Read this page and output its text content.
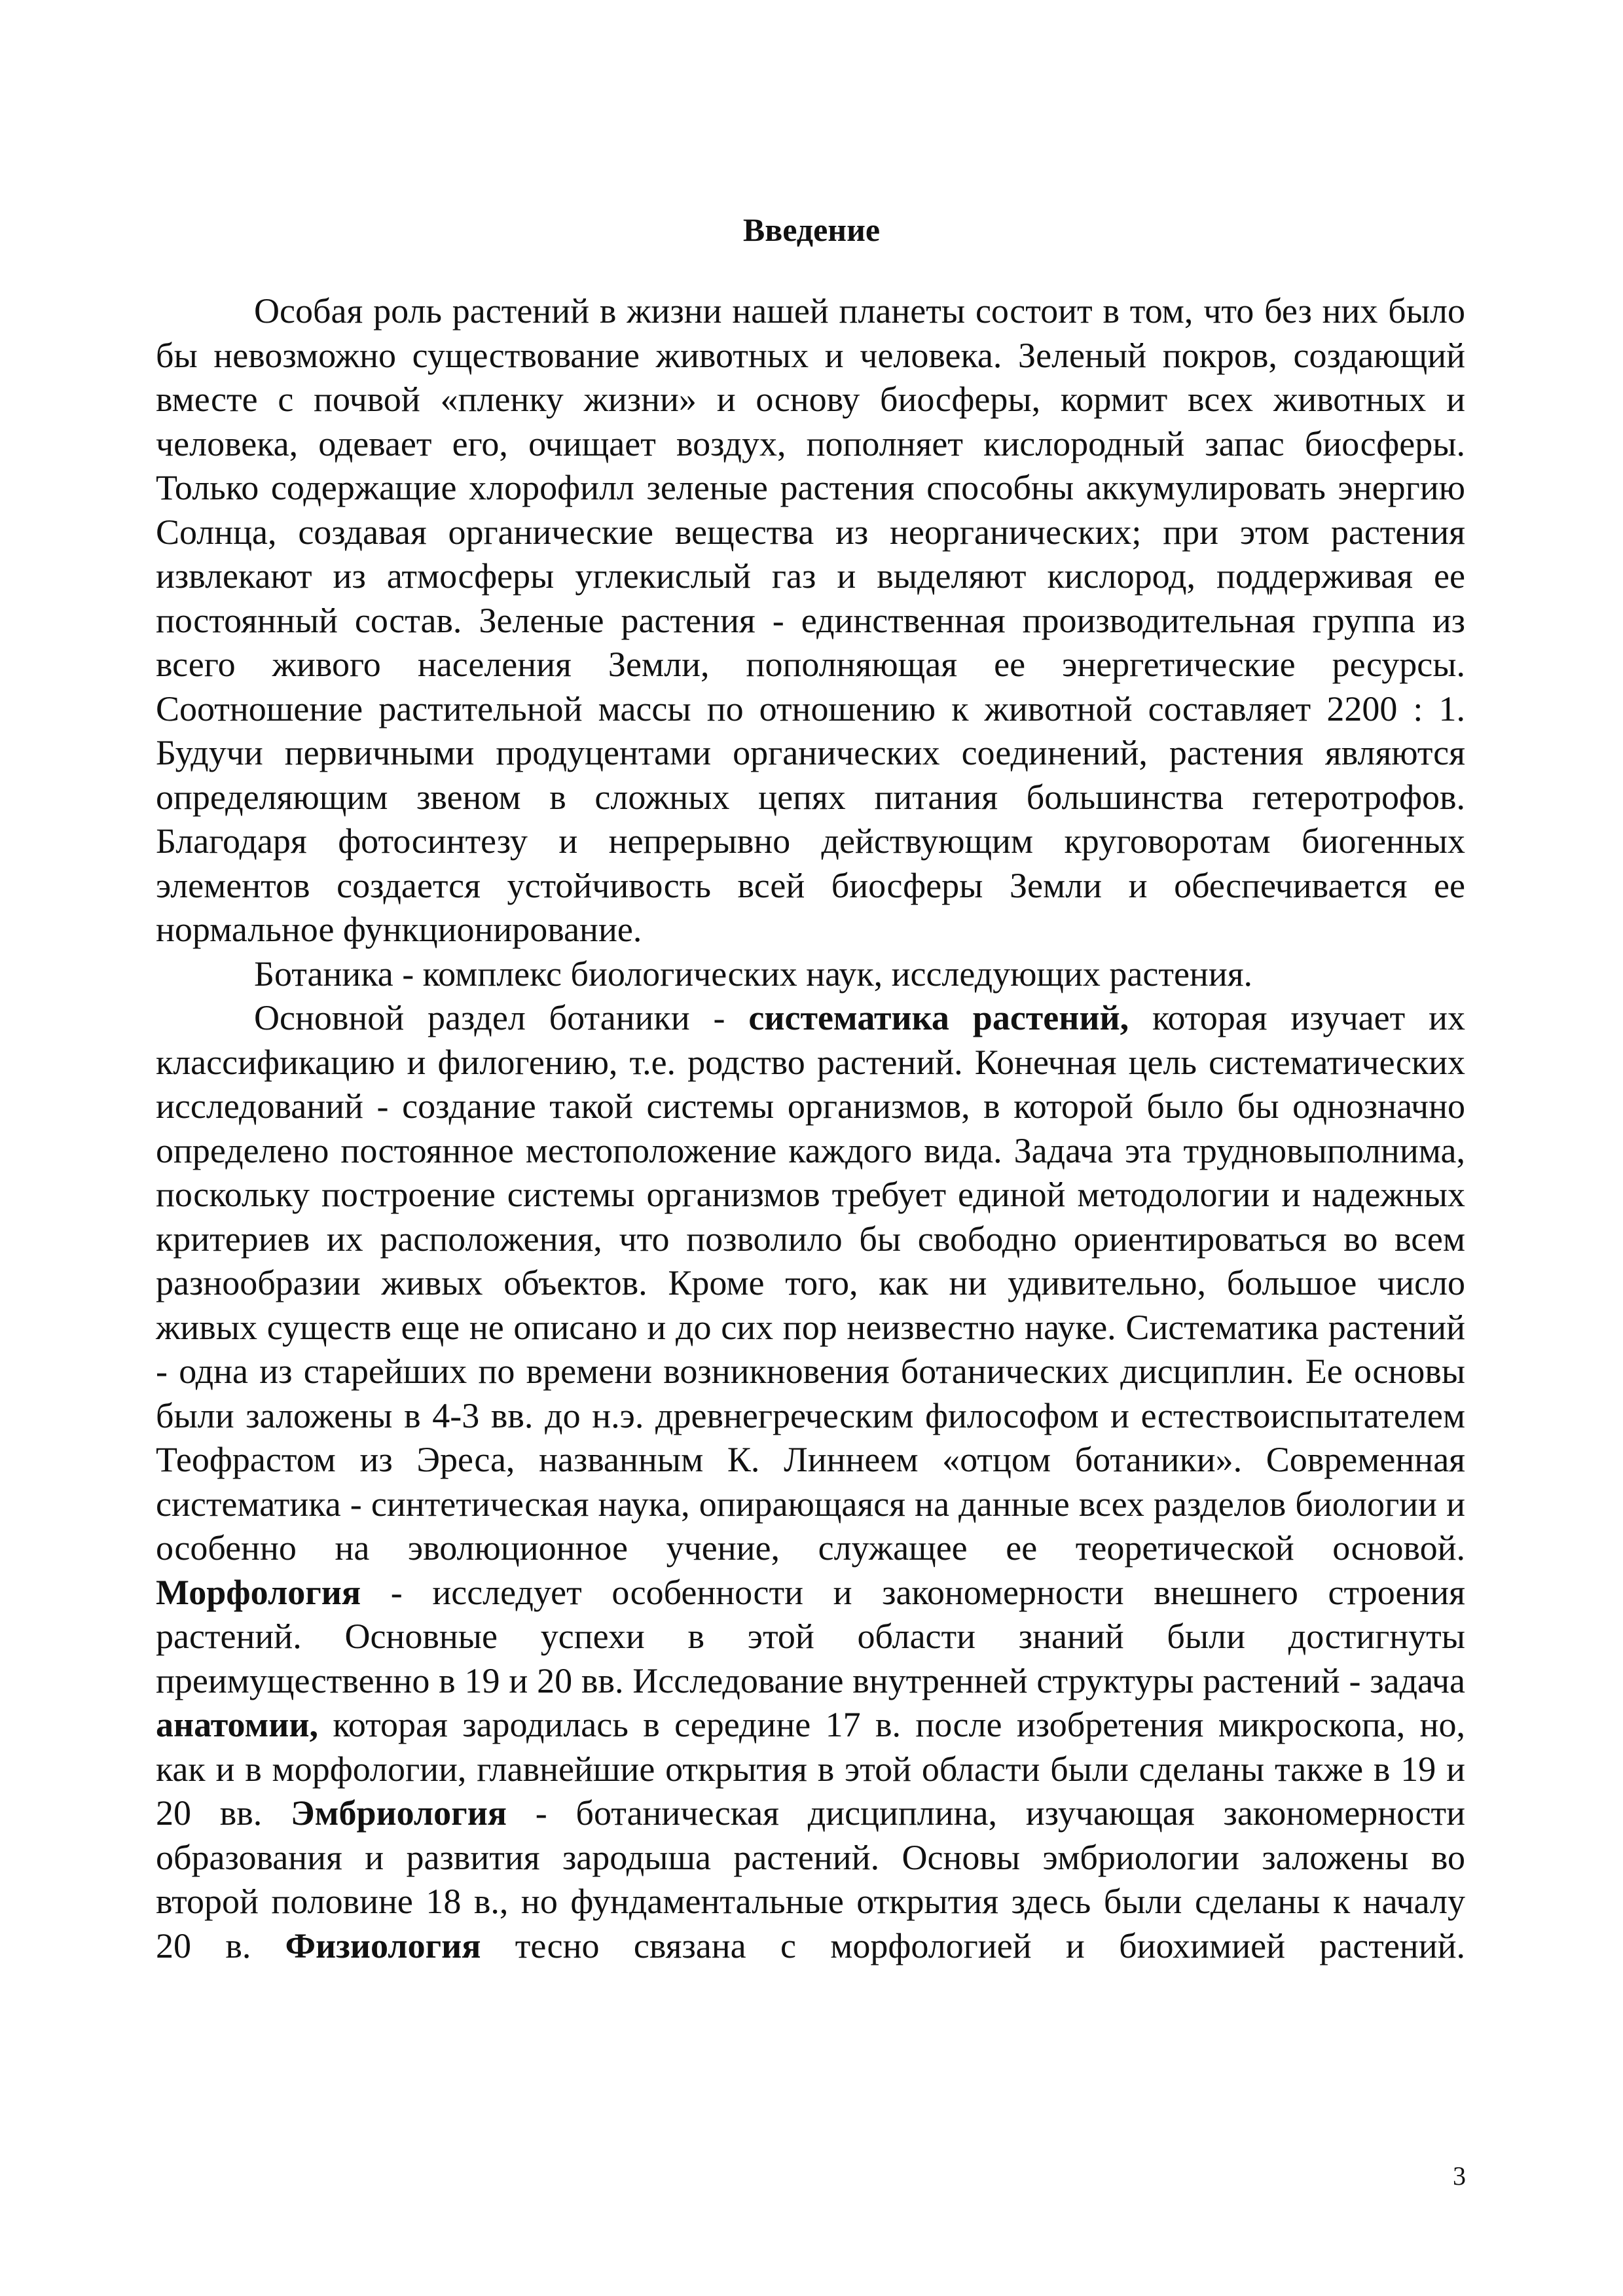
Введение

Особая роль растений в жизни нашей планеты состоит в том, что без них было бы невозможно существование животных и человека. Зеленый покров, создающий вместе с почвой «пленку жизни» и основу биосферы, кормит всех животных и человека, одевает его, очищает воздух, пополняет кислородный запас биосферы. Только содержащие хлорофилл зеленые растения способны аккумулировать энергию Солнца, создавая органические вещества из неорганических; при этом растения извлекают из атмосферы углекислый газ и выделяют кислород, поддерживая ее постоянный состав. Зеленые растения - единственная производительная группа из всего живого населения Земли, пополняющая ее энергетические ресурсы. Соотношение растительной массы по отношению к животной составляет 2200 : 1. Будучи первичными продуцентами органических соединений, растения являются определяющим звеном в сложных цепях питания большинства гетеротрофов. Благодаря фотосинтезу и непрерывно действующим круговоротам биогенных элементов создается устойчивость всей биосферы Земли и обеспечивается ее нормальное функционирование.

Ботаника - комплекс биологических наук, исследующих растения.

Основной раздел ботаники - систематика растений, которая изучает их классификацию и филогению, т.е. родство растений. Конечная цель систематических исследований - создание такой системы организмов, в которой было бы однозначно определено постоянное местоположение каждого вида. Задача эта трудновыполнима, поскольку построение системы организмов требует единой методологии и надежных критериев их расположения, что позволило бы свободно ориентироваться во всем разнообразии живых объектов. Кроме того, как ни удивительно, большое число живых существ еще не описано и до сих пор неизвестно науке. Систематика растений - одна из старейших по времени возникновения ботанических дисциплин. Ее основы были заложены в 4-3 вв. до н.э. древнегреческим философом и естествоиспытателем Теофрастом из Эреса, названным К. Линнеем «отцом ботаники». Современная систематика - синтетическая наука, опирающаяся на данные всех разделов биологии и особенно на эволюционное учение, служащее ее теоретической основой. Морфология - исследует особенности и закономерности внешнего строения растений. Основные успехи в этой области знаний были достигнуты преимущественно в 19 и 20 вв. Исследование внутренней структуры растений - задача анатомии, которая зародилась в середине 17 в. после изобретения микроскопа, но, как и в морфологии, главнейшие открытия в этой области были сделаны также в 19 и 20 вв. Эмбриология - ботаническая дисциплина, изучающая закономерности образования и развития зародыша растений. Основы эмбриологии заложены во второй половине 18 в., но фундаментальные открытия здесь были сделаны к началу 20 в. Физиология тесно связана с морфологией и биохимией растений.

3
